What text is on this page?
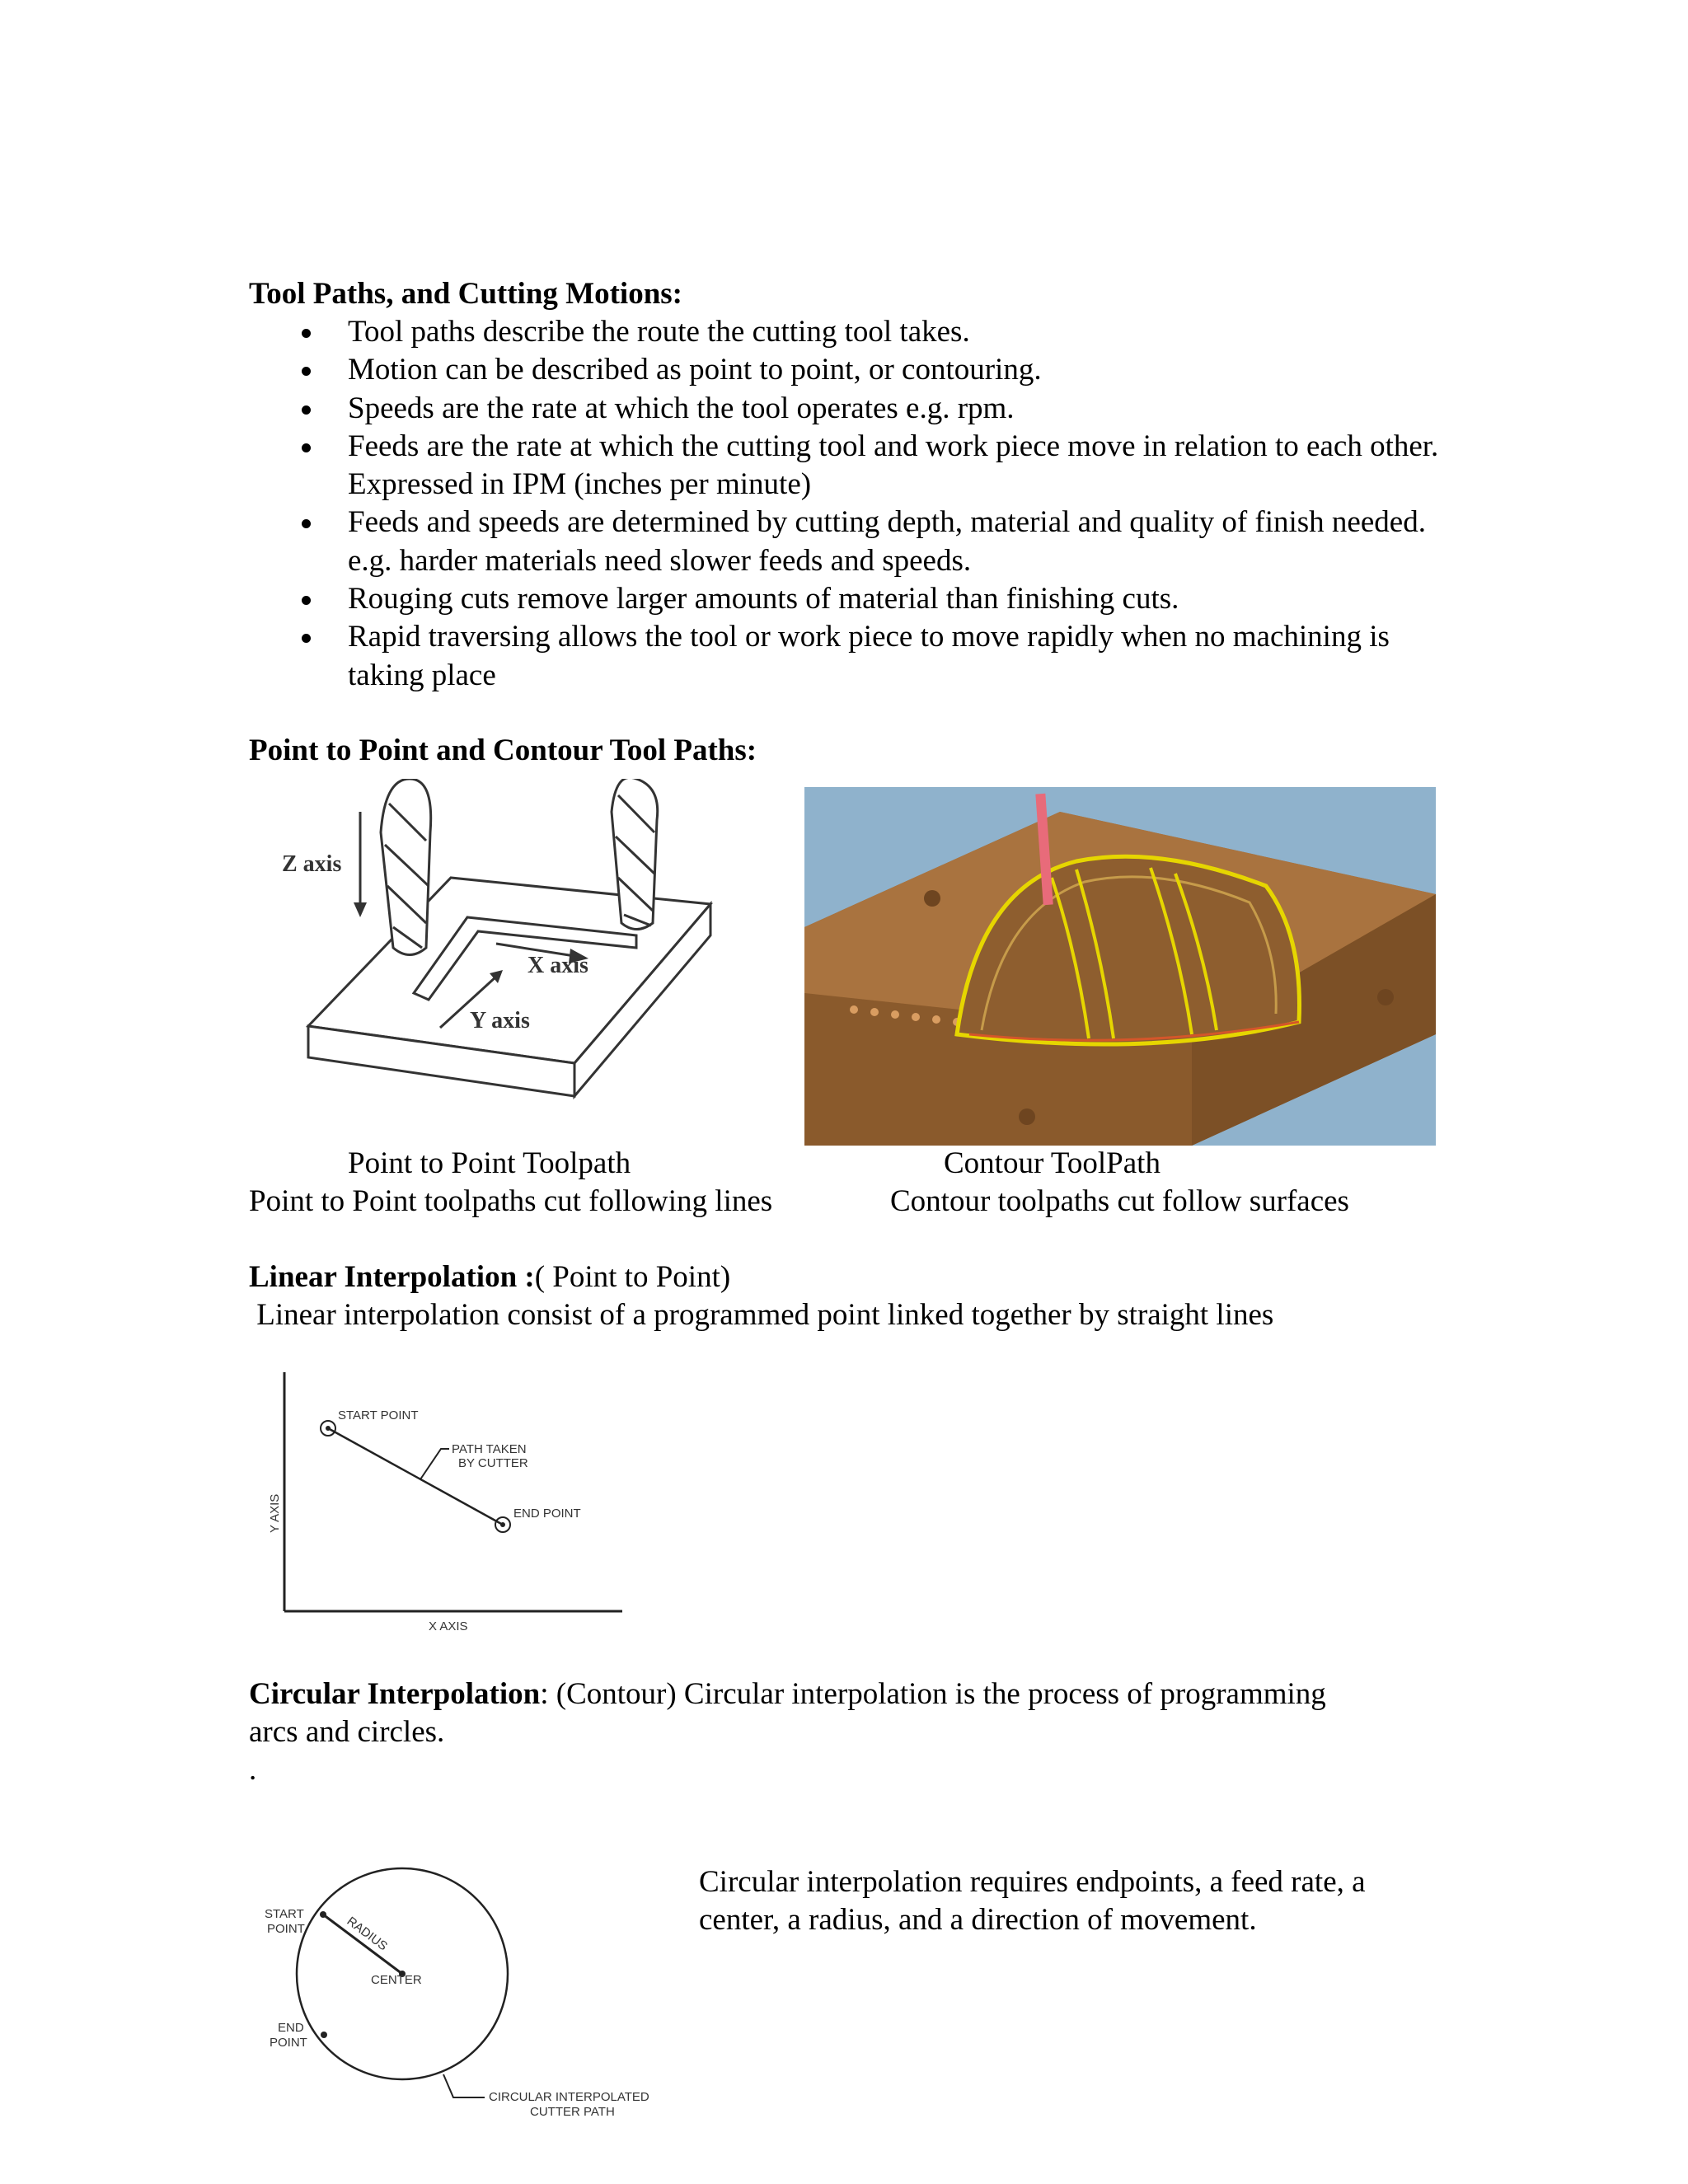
Tool Paths, and Cutting Motions:
Tool paths describe the route the cutting tool takes.
Motion can be described as point to point, or contouring.
Speeds are the rate at which the tool operates e.g. rpm.
Feeds are the rate at which the cutting tool and work piece move in relation to each other. Expressed in IPM (inches per minute)
Feeds and speeds are determined by cutting depth, material and quality of finish needed. e.g. harder materials need slower feeds and speeds.
Rouging cuts remove larger amounts of material than finishing cuts.
Rapid traversing allows the tool or work piece to move rapidly when no machining is taking place
Point to Point and Contour Tool Paths:
Z axis
X axis
Y axis
Point to Point Toolpath	Contour ToolPath
Point to Point toolpaths cut following lines	Contour toolpaths cut follow surfaces
Linear Interpolation :( Point to Point)
Linear interpolation consist of a programmed point linked together by straight lines
START POINT
PATH TAKEN
BY CUTTER
END POINT
Y AXIS
X AXIS
Circular Interpolation: (Contour) Circular interpolation is the process of programming
arcs and circles.
.
START
POINT	RADIUS
CENTER
END
POINT
CIRCULAR INTERPOLATED
CUTTER PATH
Circular interpolation requires endpoints, a feed rate, a
center, a radius, and a direction of movement.
